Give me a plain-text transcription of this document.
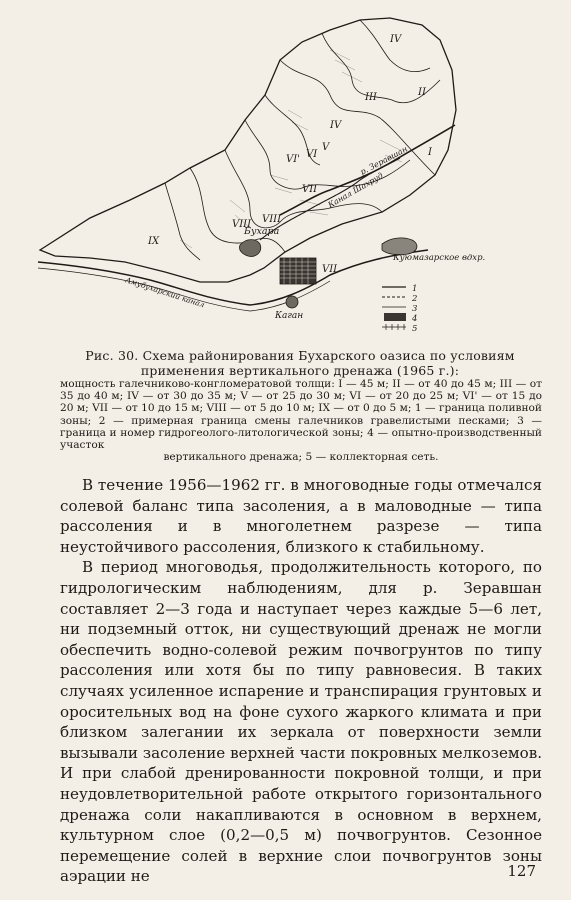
Бухара
Каган
р. Зеравшан
Канал Шахруд
Куюмазарское вдхр.
Амубухарский канал
IV
II
I
III
IV
V
VI
VI'
VII
VII
VIII
VIII
IX
1
2
3
4
5
Рис. 30. Схема районирования Бухарского оазиса по условиям применения вертикального дренажа (1965 г.):
мощность галечниково-конгломератовой толщи: I — 45 м; II — от 40 до 45 м; III — от 35 до 40 м; IV — от 30 до 35 м; V — от 25 до 30 м; VI — от 20 до 25 м; VI' — от 15 до 20 м; VII — от 10 до 15 м; VIII — от 5 до 10 м; IX — от 0 до 5 м; 1 — граница поливной зоны; 2 — примерная граница смены галечников гравелистыми песками; 3 — граница и номер гидрогеолого-литологической зоны; 4 — опытно-производственный участок
вертикального дренажа; 5 — коллекторная сеть.

В течение 1956—1962 гг. в многоводные годы отмечался солевой баланс типа засоления, а в маловодные — типа рассоления и в многолетнем разрезе — типа неустойчивого рассоления, близкого к стабильному.

В период многоводья, продолжительность которого, по гидрологическим наблюдениям, для р. Зеравшан составляет 2—3 года и наступает через каждые 5—6 лет, ни подземный отток, ни существующий дренаж не могли обеспечить водно-солевой режим почвогрунтов по типу рассоления или хотя бы по типу равновесия. В таких случаях усиленное испарение и транспирация грунтовых и оросительных вод на фоне сухого жаркого климата и при близком залегании их зеркала от поверхности земли вызывали засоление верхней части покровных мелкоземов. И при слабой дренированности покровной толщи, и при неудовлетворительной работе открытого горизонтального дренажа соли накапливаются в основном в верхнем, культурном слое (0,2—0,5 м) почвогрунтов. Сезонное перемещение солей в верхние слои почвогрунтов зоны аэрации не	127
